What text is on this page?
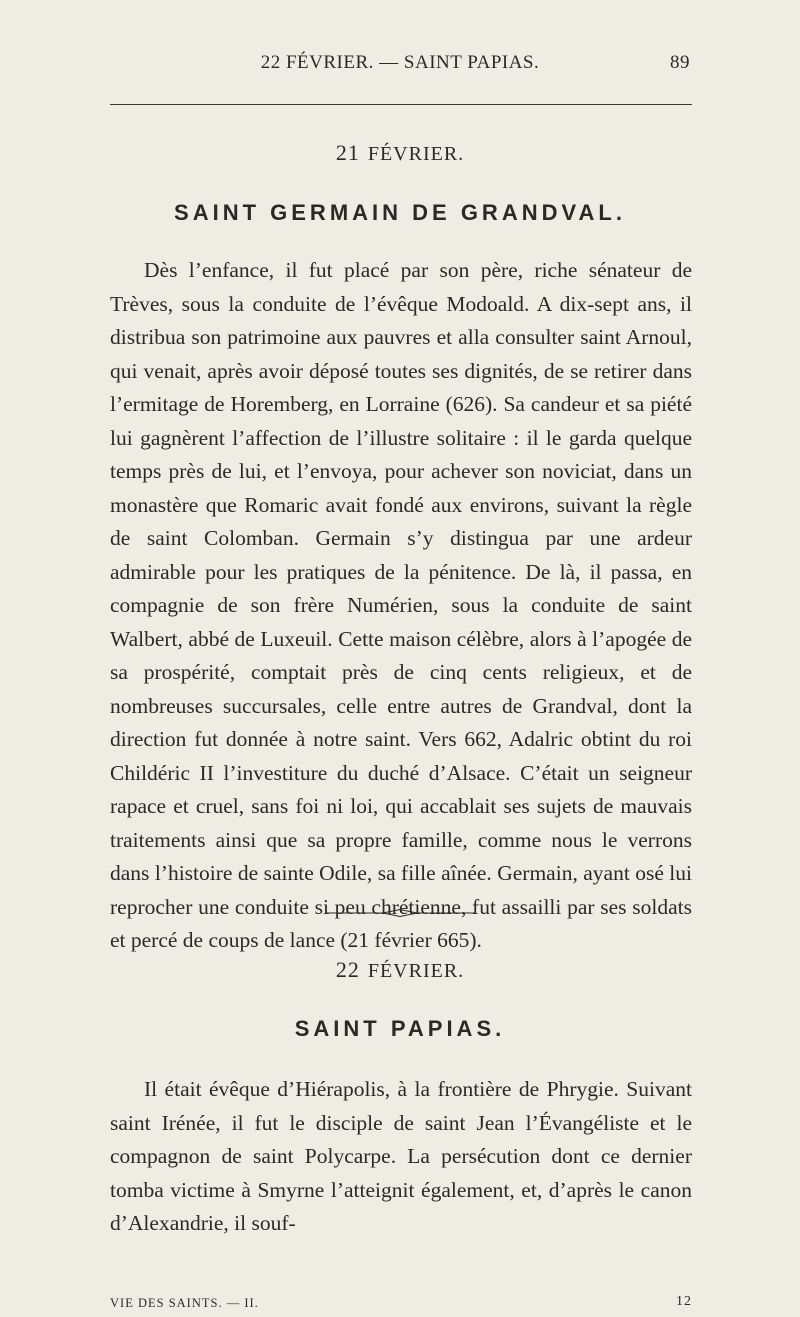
22 FÉVRIER. — SAINT PAPIAS.	89
21 FÉVRIER.
SAINT GERMAIN DE GRANDVAL.

Dès l’enfance, il fut placé par son père, riche sénateur de Trèves, sous la conduite de l’évêque Modoald. A dix-sept ans, il distribua son patrimoine aux pauvres et alla consulter saint Arnoul, qui venait, après avoir déposé toutes ses dignités, de se retirer dans l’ermitage de Horemberg, en Lorraine (626). Sa candeur et sa piété lui gagnèrent l’affection de l’illustre solitaire : il le garda quelque temps près de lui, et l’envoya, pour achever son noviciat, dans un monastère que Romaric avait fondé aux environs, suivant la règle de saint Colomban. Germain s’y distingua par une ardeur admirable pour les pratiques de la pénitence. De là, il passa, en compagnie de son frère Numérien, sous la conduite de saint Walbert, abbé de Luxeuil. Cette maison célèbre, alors à l’apogée de sa prospérité, comptait près de cinq cents religieux, et de nombreuses succursales, celle entre autres de Grandval, dont la direction fut donnée à notre saint. Vers 662, Adalric obtint du roi Childéric II l’investiture du duché d’Alsace. C’était un seigneur rapace et cruel, sans foi ni loi, qui accablait ses sujets de mauvais traitements ainsi que sa propre famille, comme nous le verrons dans l’histoire de sainte Odile, sa fille aînée. Germain, ayant osé lui reprocher une conduite si peu chrétienne, fut assailli par ses soldats et percé de coups de lance (21 février 665).

22 FÉVRIER.
SAINT PAPIAS.

Il était évêque d’Hiérapolis, à la frontière de Phrygie. Suivant saint Irénée, il fut le disciple de saint Jean l’Évangéliste et le compagnon de saint Polycarpe. La persécution dont ce dernier tomba victime à Smyrne l’atteignit également, et, d’après le canon d’Alexandrie, il souf-

VIE DES SAINTS. — II.	12
